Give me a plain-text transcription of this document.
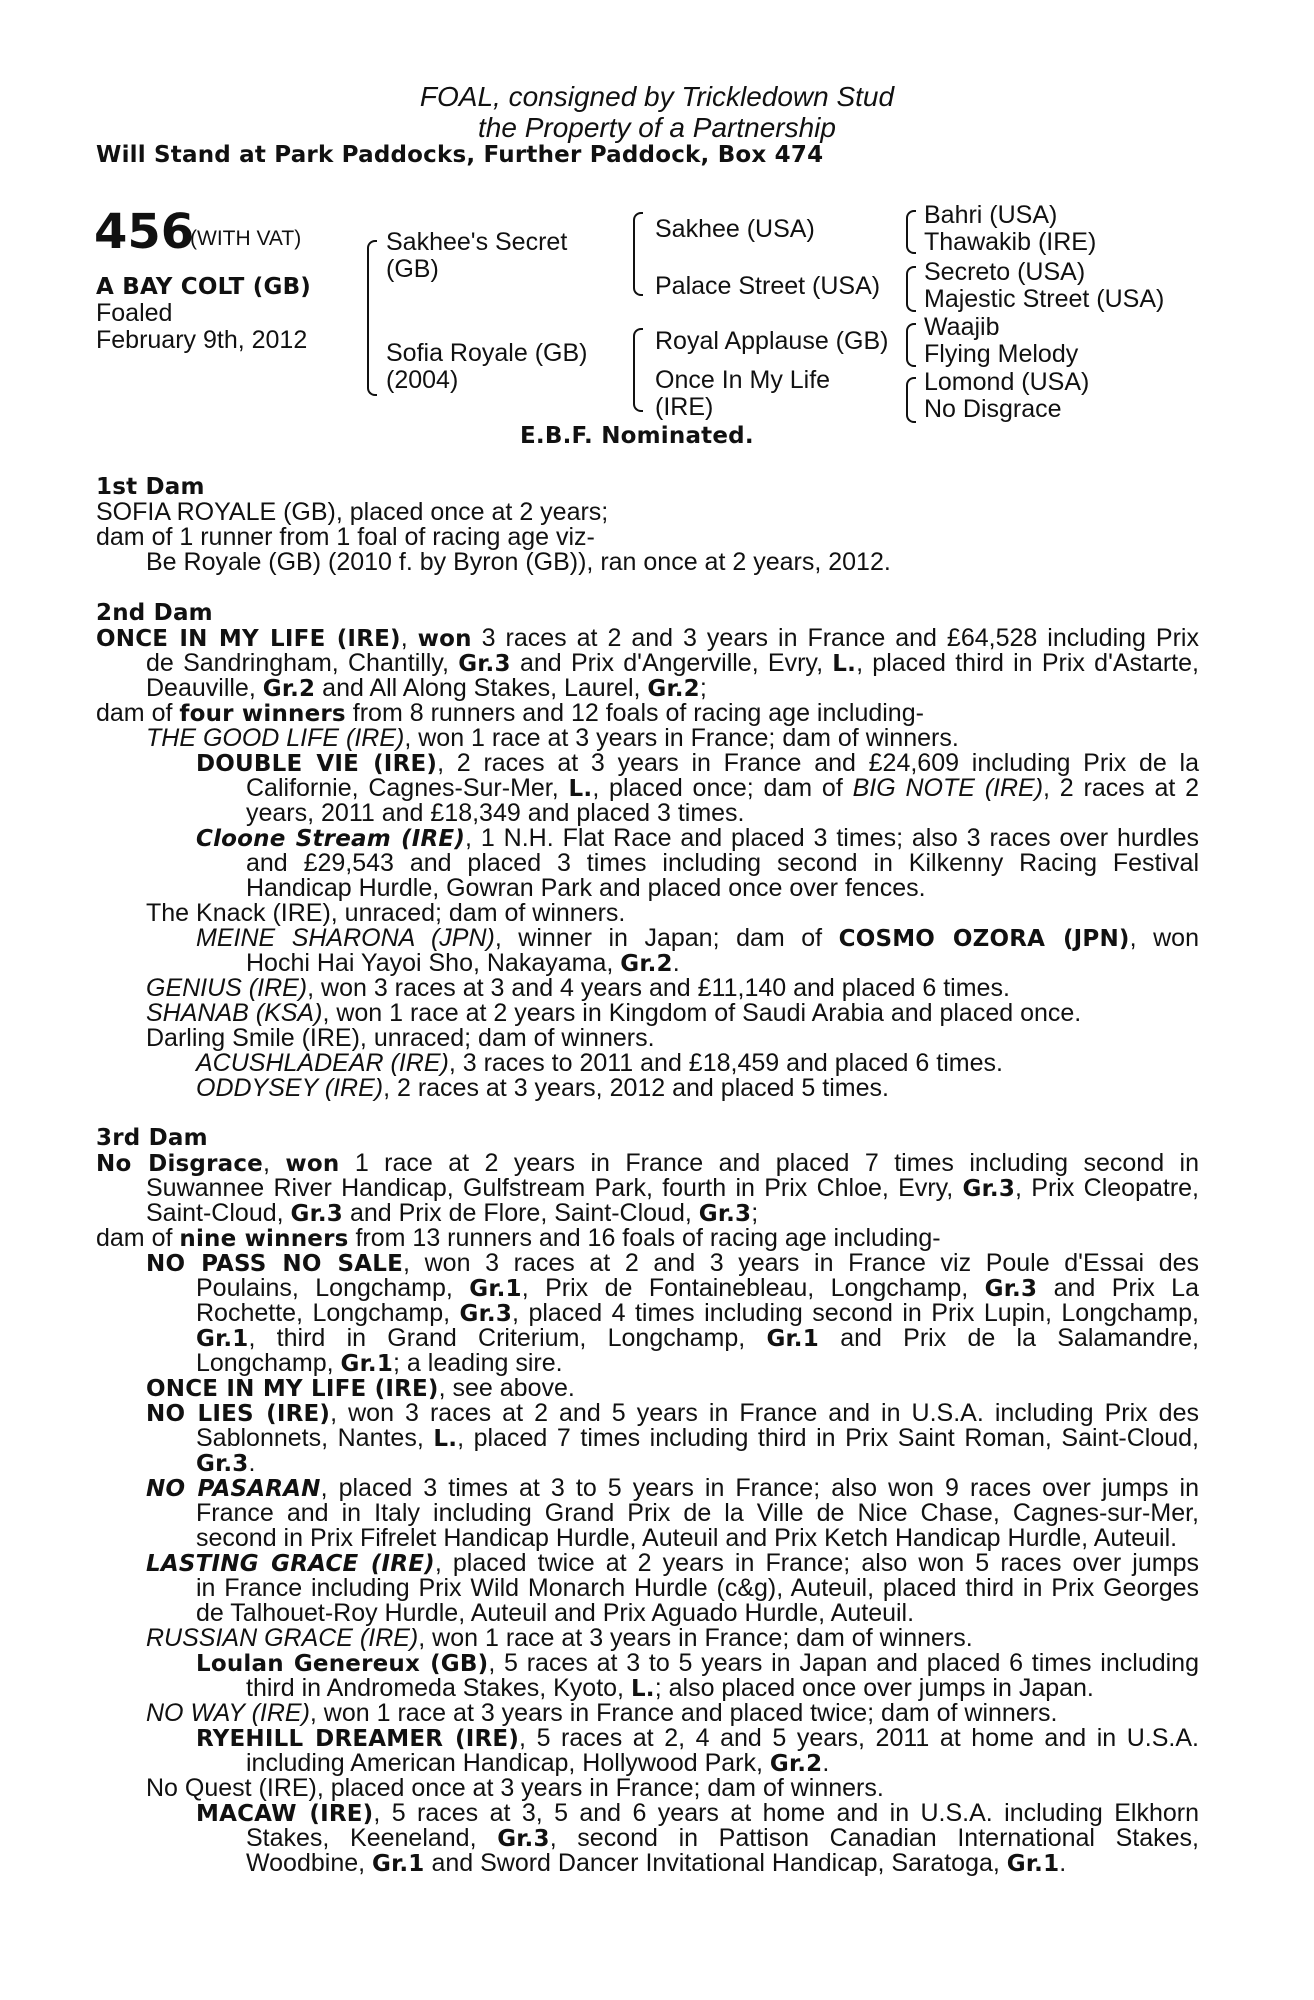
FOAL, consigned by Trickledown Stud
the Property of a Partnership
Will Stand at Park Paddocks, Further Paddock, Box 474
456
(WITH VAT)
A BAY COLT (GB)
Foaled
February 9th, 2012
Sakhee's Secret
(GB)
Sofia Royale (GB)
(2004)
Sakhee (USA)
Palace Street (USA)
Royal Applause (GB)
Once In My Life
(IRE)
Bahri (USA)
Thawakib (IRE)
Secreto (USA)
Majestic Street (USA)
Waajib
Flying Melody
Lomond (USA)
No Disgrace
E.B.F. Nominated.
1st Dam
SOFIA ROYALE (GB), placed once at 2 years;
dam of 1 runner from 1 foal of racing age viz-
Be Royale (GB) (2010 f. by Byron (GB)), ran once at 2 years, 2012.
2nd Dam
ONCE IN MY LIFE (IRE), won 3 races at 2 and 3 years in France and £64,528 including Prix
de Sandringham, Chantilly, Gr.3 and Prix d'Angerville, Evry, L., placed third in Prix d'Astarte,
Deauville, Gr.2 and All Along Stakes, Laurel, Gr.2;
dam of four winners from 8 runners and 12 foals of racing age including-
THE GOOD LIFE (IRE), won 1 race at 3 years in France; dam of winners.
DOUBLE VIE (IRE), 2 races at 3 years in France and £24,609 including Prix de la
Californie, Cagnes-Sur-Mer, L., placed once; dam of BIG NOTE (IRE), 2 races at 2
years, 2011 and £18,349 and placed 3 times.
Cloone Stream (IRE), 1 N.H. Flat Race and placed 3 times; also 3 races over hurdles
and £29,543 and placed 3 times including second in Kilkenny Racing Festival
Handicap Hurdle, Gowran Park and placed once over fences.
The Knack (IRE), unraced; dam of winners.
MEINE SHARONA (JPN), winner in Japan; dam of COSMO OZORA (JPN), won
Hochi Hai Yayoi Sho, Nakayama, Gr.2.
GENIUS (IRE), won 3 races at 3 and 4 years and £11,140 and placed 6 times.
SHANAB (KSA), won 1 race at 2 years in Kingdom of Saudi Arabia and placed once.
Darling Smile (IRE), unraced; dam of winners.
ACUSHLADEAR (IRE), 3 races to 2011 and £18,459 and placed 6 times.
ODDYSEY (IRE), 2 races at 3 years, 2012 and placed 5 times.
3rd Dam
No Disgrace, won 1 race at 2 years in France and placed 7 times including second in
Suwannee River Handicap, Gulfstream Park, fourth in Prix Chloe, Evry, Gr.3, Prix Cleopatre,
Saint-Cloud, Gr.3 and Prix de Flore, Saint-Cloud, Gr.3;
dam of nine winners from 13 runners and 16 foals of racing age including-
NO PASS NO SALE, won 3 races at 2 and 3 years in France viz Poule d'Essai des
Poulains, Longchamp, Gr.1, Prix de Fontainebleau, Longchamp, Gr.3 and Prix La
Rochette, Longchamp, Gr.3, placed 4 times including second in Prix Lupin, Longchamp,
Gr.1, third in Grand Criterium, Longchamp, Gr.1 and Prix de la Salamandre,
Longchamp, Gr.1; a leading sire.
ONCE IN MY LIFE (IRE), see above.
NO LIES (IRE), won 3 races at 2 and 5 years in France and in U.S.A. including Prix des
Sablonnets, Nantes, L., placed 7 times including third in Prix Saint Roman, Saint-Cloud,
Gr.3.
NO PASARAN, placed 3 times at 3 to 5 years in France; also won 9 races over jumps in
France and in Italy including Grand Prix de la Ville de Nice Chase, Cagnes-sur-Mer,
second in Prix Fifrelet Handicap Hurdle, Auteuil and Prix Ketch Handicap Hurdle, Auteuil.
LASTING GRACE (IRE), placed twice at 2 years in France; also won 5 races over jumps
in France including Prix Wild Monarch Hurdle (c&g), Auteuil, placed third in Prix Georges
de Talhouet-Roy Hurdle, Auteuil and Prix Aguado Hurdle, Auteuil.
RUSSIAN GRACE (IRE), won 1 race at 3 years in France; dam of winners.
Loulan Genereux (GB), 5 races at 3 to 5 years in Japan and placed 6 times including
third in Andromeda Stakes, Kyoto, L.; also placed once over jumps in Japan.
NO WAY (IRE), won 1 race at 3 years in France and placed twice; dam of winners.
RYEHILL DREAMER (IRE), 5 races at 2, 4 and 5 years, 2011 at home and in U.S.A.
including American Handicap, Hollywood Park, Gr.2.
No Quest (IRE), placed once at 3 years in France; dam of winners.
MACAW (IRE), 5 races at 3, 5 and 6 years at home and in U.S.A. including Elkhorn
Stakes, Keeneland, Gr.3, second in Pattison Canadian International Stakes,
Woodbine, Gr.1 and Sword Dancer Invitational Handicap, Saratoga, Gr.1.
